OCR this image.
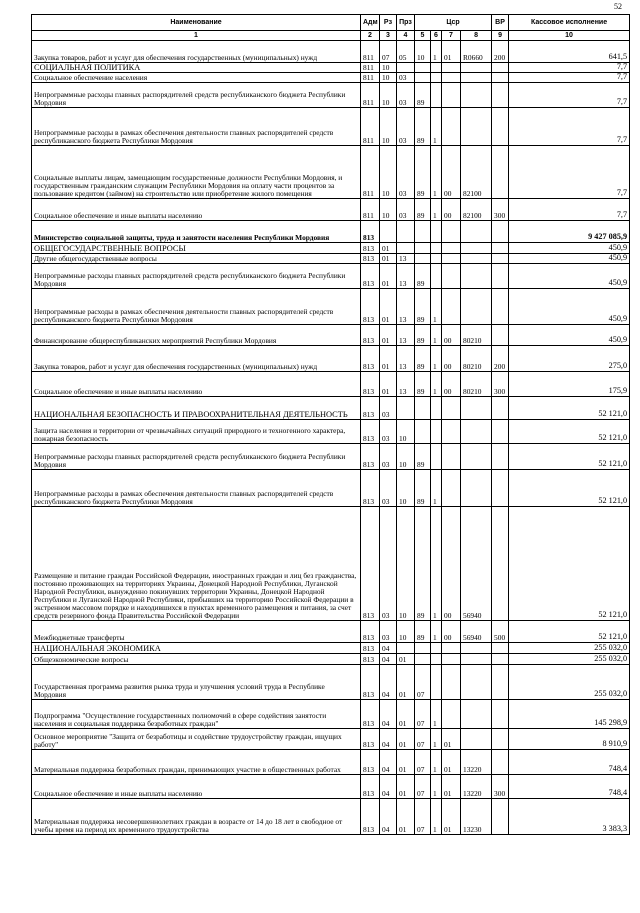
52
Наименование	Адм	Рз	Прз	Цср				ВР	Кассовое исполнение
1	2	3	4	5	6	7	8	9	10
Закупка товаров, работ и услуг для обеспечения государственных (муниципальных) нужд	811	07	05	10	1	01	R0660	200	641,5
СОЦИАЛЬНАЯ ПОЛИТИКА	811	10							7,7
Социальное обеспечение населения	811	10	03						7,7
Непрограммные расходы главных распорядителей средств республиканского бюджета Республики Мордовия	811	10	03	89					7,7
Непрограммные расходы в рамках обеспечения деятельности главных распорядителей средств республиканского бюджета Республики Мордовия	811	10	03	89	1				7,7
Социальные выплаты лицам, замещающим государственные должности Республики Мордовия, и государственным гражданским служащим Республики Мордовия на оплату части процентов за пользование кредитом (займом) на строительство или приобретение жилого помещения	811	10	03	89	1	00	82100		7,7
Социальное обеспечение и иные выплаты населению	811	10	03	89	1	00	82100	300	7,7
Министерство социальной защиты, труда и занятости населения Республики Мордовия	813								9 427 085,9
ОБЩЕГОСУДАРСТВЕННЫЕ ВОПРОСЫ	813	01							450,9
Другие общегосударственные вопросы	813	01	13						450,9
Непрограммные расходы главных распорядителей средств республиканского бюджета Республики Мордовия	813	01	13	89					450,9
Непрограммные расходы в рамках обеспечения деятельности главных распорядителей средств республиканского бюджета Республики Мордовия	813	01	13	89	1				450,9
Финансирование общереспубликанских мероприятий Республики Мордовия	813	01	13	89	1	00	80210		450,9
Закупка товаров, работ и услуг для обеспечения государственных (муниципальных) нужд	813	01	13	89	1	00	80210	200	275,0
Социальное обеспечение и иные выплаты населению	813	01	13	89	1	00	80210	300	175,9
НАЦИОНАЛЬНАЯ БЕЗОПАСНОСТЬ И ПРАВООХРАНИТЕЛЬНАЯ ДЕЯТЕЛЬНОСТЬ	813	03							52 121,0
Защита населения и территории от чрезвычайных ситуаций природного и техногенного характера, пожарная безопасность	813	03	10						52 121,0
Непрограммные расходы главных распорядителей средств республиканского бюджета Республики Мордовия	813	03	10	89					52 121,0
Непрограммные расходы в рамках обеспечения деятельности главных распорядителей средств республиканского бюджета Республики Мордовия	813	03	10	89	1				52 121,0
Размещение и питание граждан Российской Федерации, иностранных граждан и лиц без гражданства, постоянно проживающих на территориях Украины, Донецкой Народной Республики, Луганской Народной Республики, вынужденно покинувших территории Украины, Донецкой Народной Республики и Луганской Народной Республики, прибывших на территорию Российской Федерации в экстренном массовом порядке и находившихся в пунктах временного размещения и питания, за счет средств резервного фонда Правительства Российской Федерации	813	03	10	89	1	00	56940		52 121,0
Межбюджетные трансферты	813	03	10	89	1	00	56940	500	52 121,0
НАЦИОНАЛЬНАЯ ЭКОНОМИКА	813	04							255 032,0
Общеэкономические вопросы	813	04	01						255 032,0
Государственная программа развития рынка труда и улучшения условий труда в Республике Мордовия	813	04	01	07					255 032,0
Подпрограмма "Осуществление государственных полномочий в сфере содействия занятости населения и социальная поддержка безработных граждан"	813	04	01	07	1				145 298,9
Основное мероприятие "Защита от безработицы и содействие трудоустройству граждан, ищущих работу"	813	04	01	07	1	01			8 910,9
Материальная поддержка безработных граждан, принимающих участие в общественных работах	813	04	01	07	1	01	13220		748,4
Социальное обеспечение и иные выплаты населению	813	04	01	07	1	01	13220	300	748,4
Материальная поддержка несовершеннолетних граждан в возрасте от 14 до 18 лет в свободное от учебы время на период их временного трудоустройства	813	04	01	07	1	01	13230		3 383,3
